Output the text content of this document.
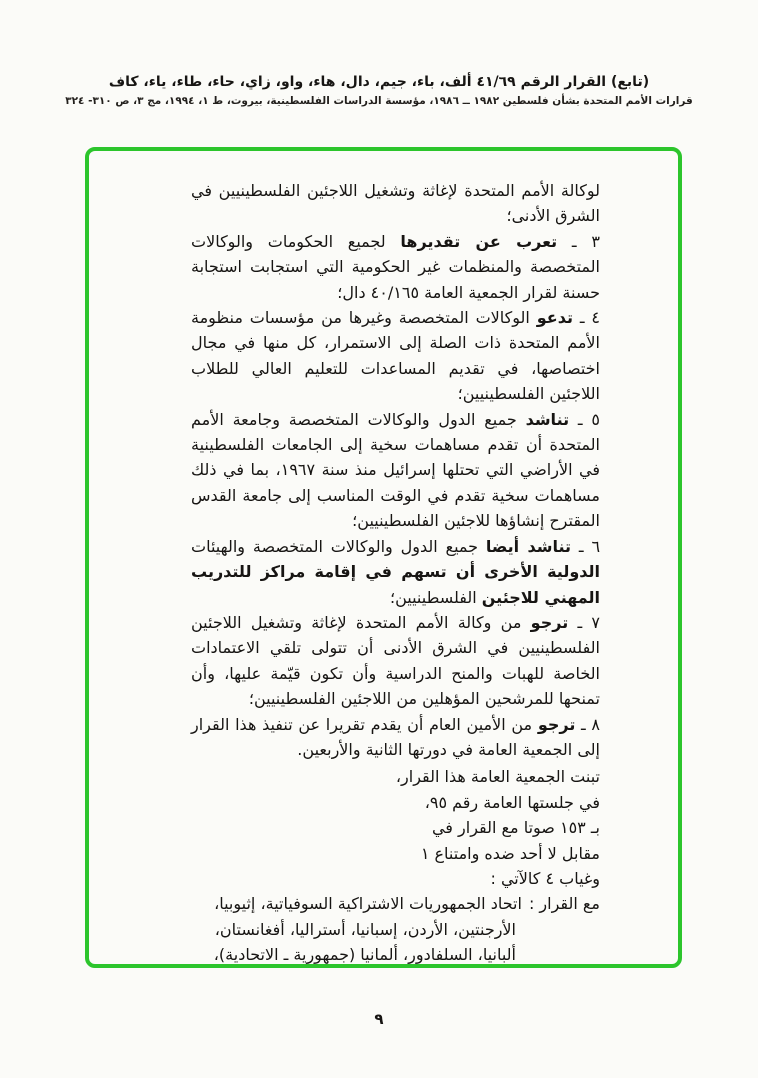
(تابع) القرار الرقم ٤١/٦٩ ألف، باء، جيم، دال، هاء، واو، زاي، حاء، طاء، ياء، كاف
قرارات الأمم المتحدة بشأن فلسطين ١٩٨٢ ــ ١٩٨٦، مؤسسة الدراسات الفلسطينية، بيروت، ط ١، ١٩٩٤، مج ٣، ص ٣١٠- ٣٢٤
لوكالة الأمم المتحدة لإغاثة وتشغيل اللاجئين الفلسطينيين في الشرق الأدنى؛
٣ ـ تعرب عن تقديرها لجميع الحكومات والوكالات المتخصصة والمنظمات غير الحكومية التي استجابت استجابة حسنة لقرار الجمعية العامة ٤٠/١٦٥ دال؛
٤ ـ تدعو الوكالات المتخصصة وغيرها من مؤسسات منظومة الأمم المتحدة ذات الصلة إلى الاستمرار، كل منها في مجال اختصاصها، في تقديم المساعدات للتعليم العالي للطلاب اللاجئين الفلسطينيين؛
٥ ـ تناشد جميع الدول والوكالات المتخصصة وجامعة الأمم المتحدة أن تقدم مساهمات سخية إلى الجامعات الفلسطينية في الأراضي التي تحتلها إسرائيل منذ سنة ١٩٦٧، بما في ذلك مساهمات سخية تقدم في الوقت المناسب إلى جامعة القدس المقترح إنشاؤها للاجئين الفلسطينيين؛
٦ ـ تناشد أيضا جميع الدول والوكالات المتخصصة والهيئات الدولية الأخرى أن تسهم في إقامة مراكز للتدريب المهني للاجئين الفلسطينيين؛
٧ ـ ترجو من وكالة الأمم المتحدة لإغاثة وتشغيل اللاجئين الفلسطينيين في الشرق الأدنى أن تتولى تلقي الاعتمادات الخاصة للهبات والمنح الدراسية وأن تكون قيّمة عليها، وأن تمنحها للمرشحين المؤهلين من اللاجئين الفلسطينيين؛
٨ ـ ترجو من الأمين العام أن يقدم تقريرا عن تنفيذ هذا القرار إلى الجمعية العامة في دورتها الثانية والأربعين.
تبنت الجمعية العامة هذا القرار،
في جلستها العامة رقم ٩٥،
بـ ١٥٣ صوتا مع القرار في
مقابل لا أحد ضده وامتناع ١
وغياب ٤ كالآتي :
مع القرار :اتحاد الجمهوريات الاشتراكية السوفياتية، إثيوبيا، الأرجنتين، الأردن، إسبانيا، أستراليا، أفغانستان، ألبانيا، السلفادور، ألمانيا (جمهورية ـ الاتحادية)،
٩
